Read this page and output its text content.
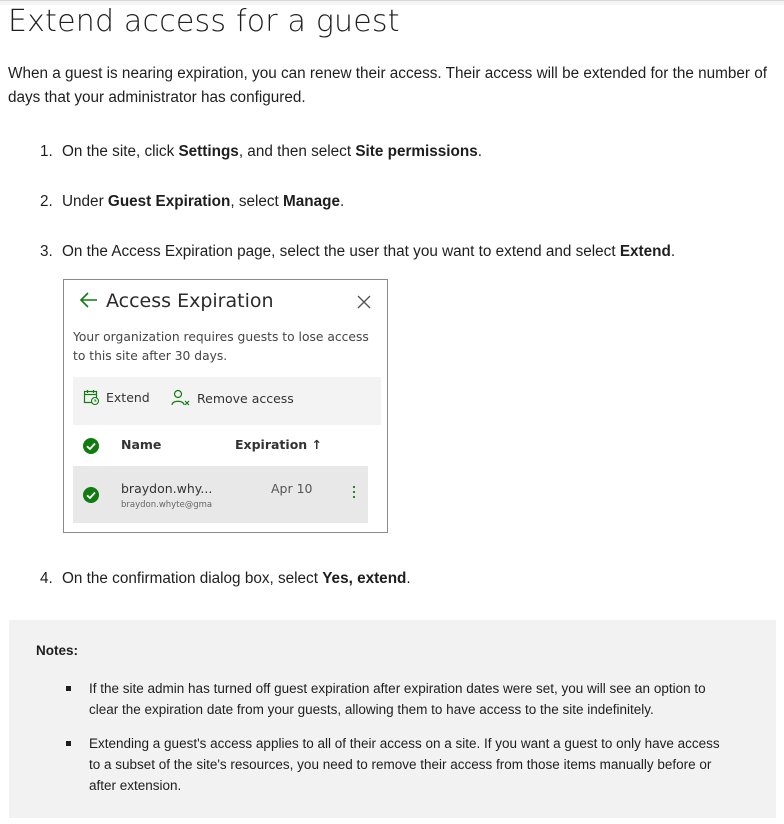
Extend access for a guest

When a guest is nearing expiration, you can renew their access. Their access will be extended for the number of days that your administrator has configured.

1. On the site, click Settings, and then select Site permissions.
2. Under Guest Expiration, select Manage.
3. On the Access Expiration page, select the user that you want to extend and select Extend.
4. On the confirmation dialog box, select Yes, extend.
Access Expiration
Your organization requires guests to lose access to this site after 30 days.
Extend	Remove access
Name	Expiration ↑
braydon.why...
braydon.whyte@gma
Apr 10
Notes:
If the site admin has turned off guest expiration after expiration dates were set, you will see an option to clear the expiration date from your guests, allowing them to have access to the site indefinitely.
Extending a guest's access applies to all of their access on a site. If you want a guest to only have access to a subset of the site's resources, you need to remove their access from those items manually before or after extension.
